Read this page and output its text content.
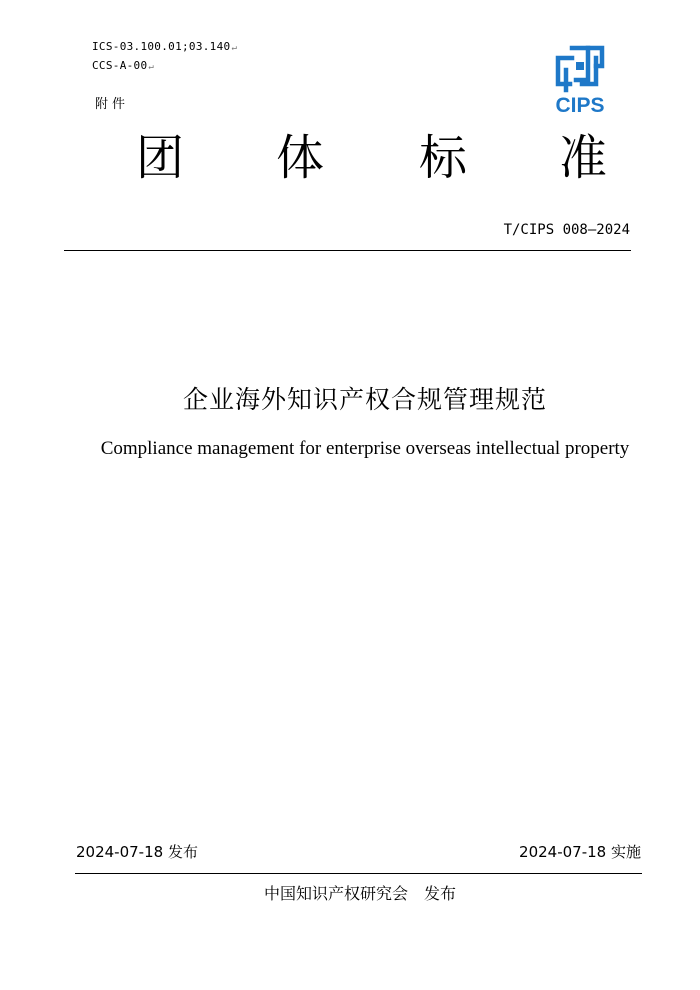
ICS-03.100.01;03.140↵
CCS-A-00↵
附件	CIPS
团	体	标	准
T/CIPS 008—2024
企业海外知识产权合规管理规范
Compliance management for enterprise overseas intellectual property
2024-07-18 发布	2024-07-18 实施
中国知识产权研究会　发布
